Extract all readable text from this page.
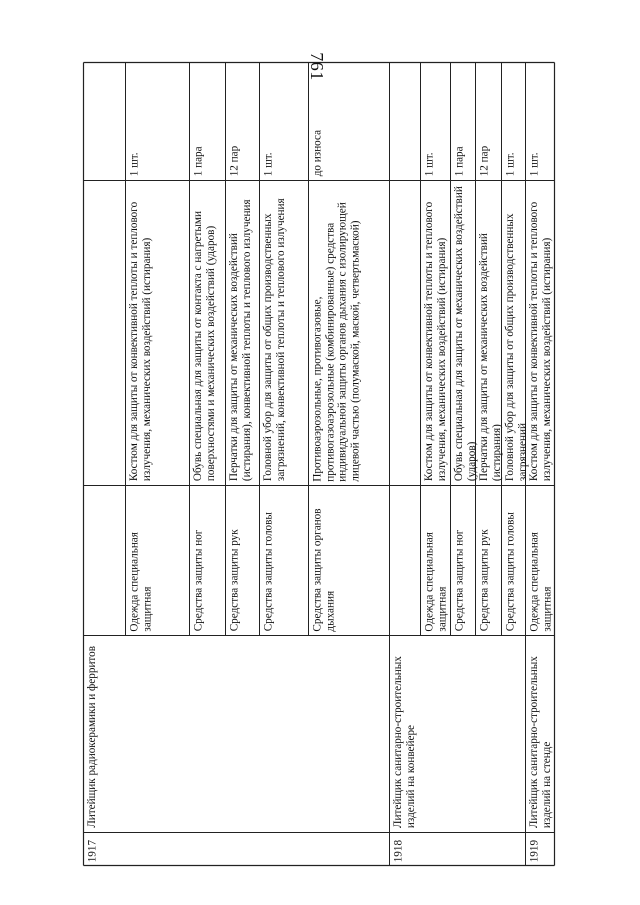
761
1917
Литейщик радиокерамики и ферритов
1918
Литейщик санитарно-строительных изделий на конвейере
1919
Литейщик санитарно-строительных изделий на стенде
Одежда специальная защитная
Костюм для защиты от конвективной теплоты и теплового излучения, механических воздействий (истирания)
1 шт.
Средства защиты ног
Обувь специальная для защиты от контакта с нагретыми поверхностями и механических воздействий (ударов)
1 пара
Средства защиты рук
Перчатки для защиты от механических воздействий (истирания), конвективной теплоты и теплового излучения
12 пар
Средства защиты головы
Головной убор для защиты от общих производственных загрязнений, конвективной теплоты и теплового излучения
1 шт.
Средства защиты органов дыхания
Противоаэрозольные, противогазовые, противогазоаэрозольные (комбинированные) средства индивидуальной защиты органов дыхания с изолирующей лицевой частью (полумаской, маской, четвертьмаской)
до износа
Одежда специальная защитная
Костюм для защиты от конвективной теплоты и теплового излучения, механических воздействий (истирания)
1 шт.
Средства защиты ног
Обувь специальная для защиты от механических воздействий (ударов)
1 пара
Средства защиты рук
Перчатки для защиты от механических воздействий (истирания)
12 пар
Средства защиты головы
Головной убор для защиты от общих производственных загрязнений
1 шт.
Одежда специальная защитная
Костюм для защиты от конвективной теплоты и теплового излучения, механических воздействий (истирания)
1 шт.
